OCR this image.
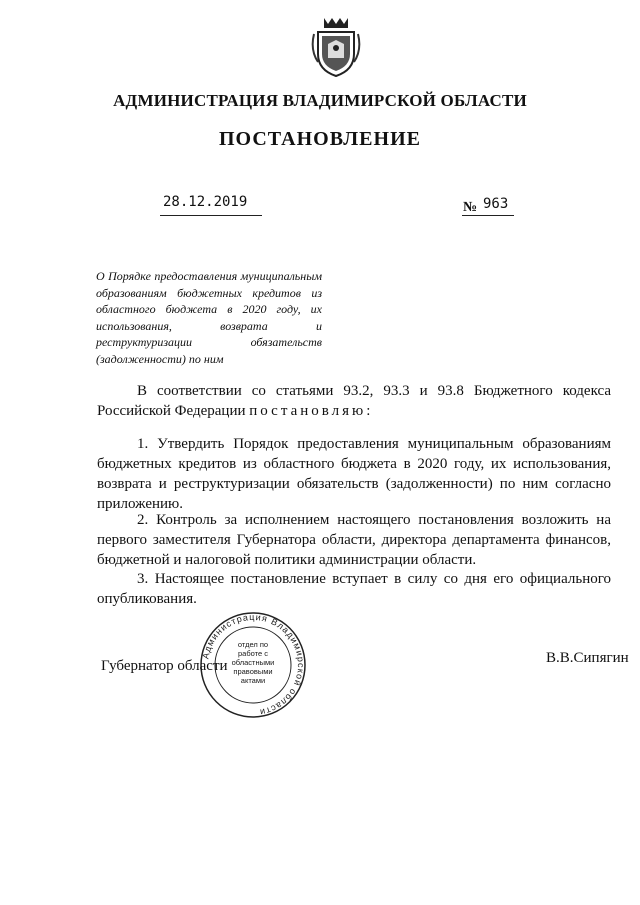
АДМИНИСТРАЦИЯ ВЛАДИМИРСКОЙ ОБЛАСТИ
ПОСТАНОВЛЕНИЕ
28.12.2019	№ 963
О Порядке предоставления муниципальным образованиям бюджетных кредитов из областного бюджета в 2020 году, их использования, возврата и реструктуризации обязательств (задолженности) по ним
В соответствии со статьями 93.2, 93.3 и 93.8 Бюджетного кодекса Российской Федерации постановляю:
1. Утвердить Порядок предоставления муниципальным образованиям бюджетных кредитов из областного бюджета в 2020 году, их использования, возврата и реструктуризации обязательств (задолженности) по ним согласно приложению.
2. Контроль за исполнением настоящего постановления возложить на первого заместителя Губернатора области, директора департамента финансов, бюджетной и налоговой политики администрации области.
3. Настоящее постановление вступает в силу со дня его официального опубликования.
Администрация Владимирской области
отдел по работе с областными правовыми актами
Губернатор области	В.В.Сипягин
